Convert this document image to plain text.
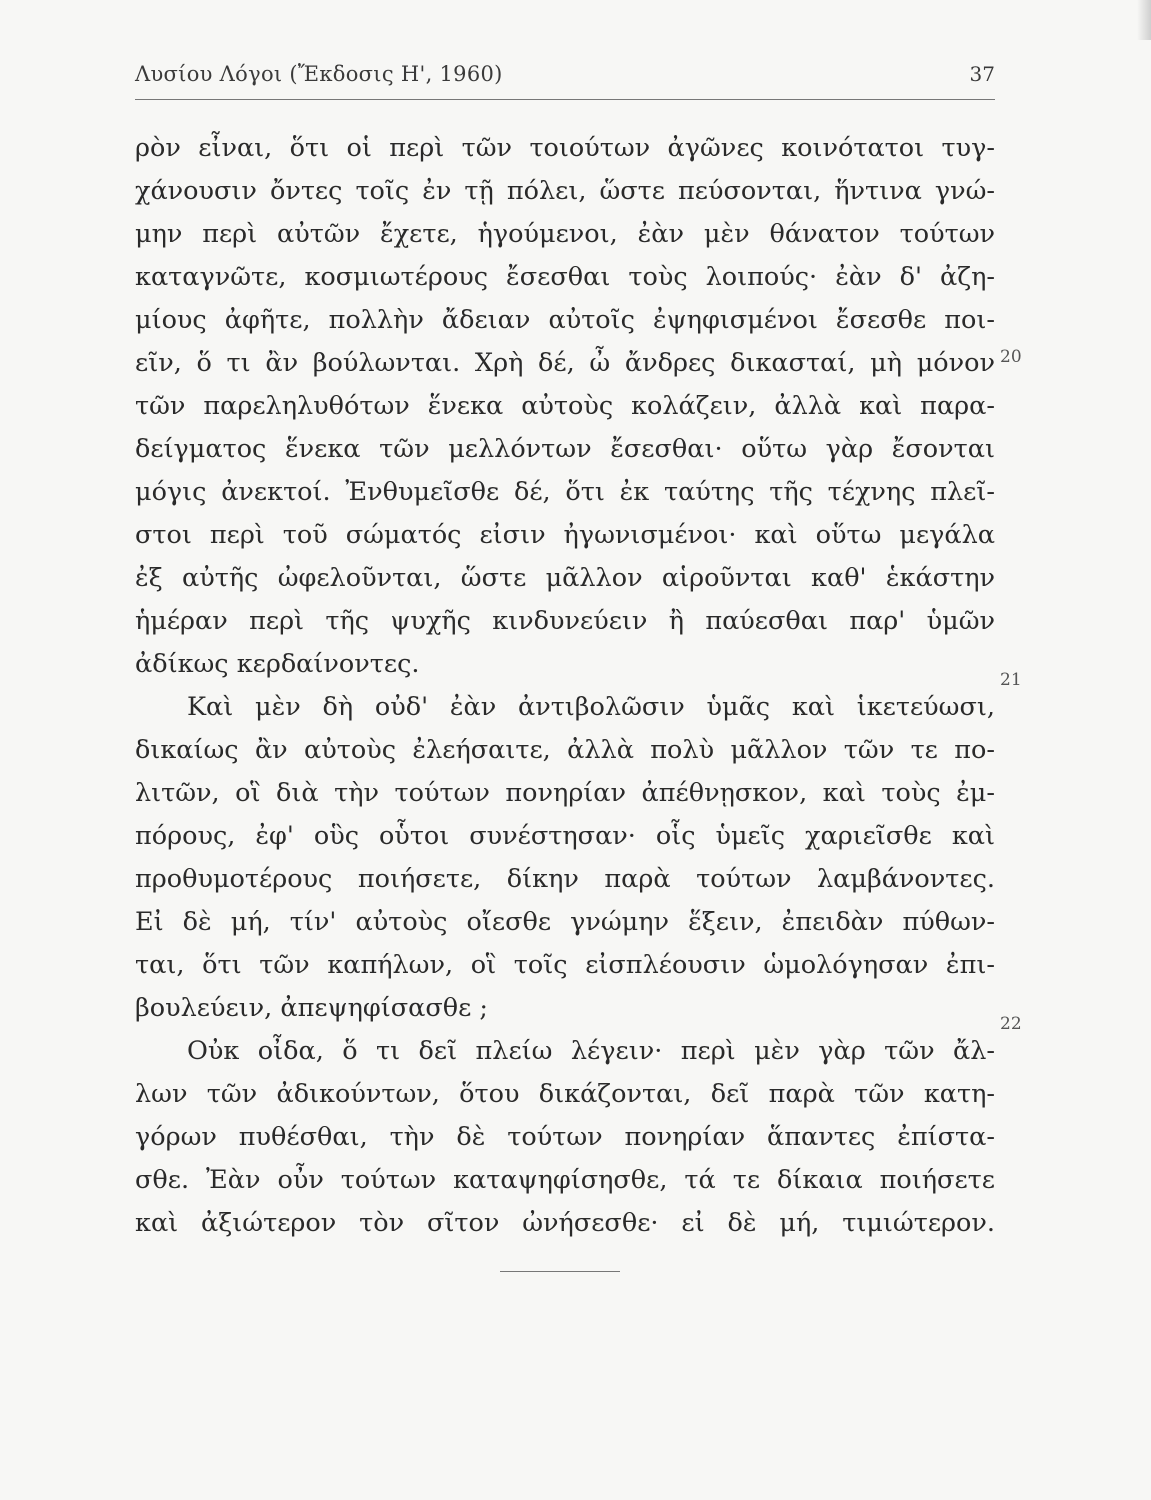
Λυσίου Λόγοι (Ἔκδοσις Η', 1960)	37
ρὸν εἶναι, ὅτι οἱ περὶ τῶν τοιούτων ἀγῶνες κοινότατοι τυγ-
χάνουσιν ὄντες τοῖς ἐν τῇ πόλει, ὥστε πεύσονται, ἥντινα γνώ-
μην περὶ αὐτῶν ἔχετε, ἡγούμενοι, ἐὰν μὲν θάνατον τούτων
καταγνῶτε, κοσμιωτέρους ἔσεσθαι τοὺς λοιπούς· ἐὰν δ' ἀζη-
μίους ἀφῆτε, πολλὴν ἄδειαν αὐτοῖς ἐψηφισμένοι ἔσεσθε ποι-
εῖν, ὅ τι ἂν βούλωνται. Χρὴ δέ, ὦ ἄνδρες δικασταί, μὴ μόνον
τῶν παρεληλυθότων ἕνεκα αὐτοὺς κολάζειν, ἀλλὰ καὶ παρα-
δείγματος ἕνεκα τῶν μελλόντων ἔσεσθαι· οὕτω γὰρ ἔσονται
μόγις ἀνεκτοί. Ἐνθυμεῖσθε δέ, ὅτι ἐκ ταύτης τῆς τέχνης πλεῖ-
στοι περὶ τοῦ σώματός εἰσιν ἠγωνισμένοι· καὶ οὕτω μεγάλα
ἐξ αὐτῆς ὠφελοῦνται, ὥστε μᾶλλον αἱροῦνται καθ' ἑκάστην
ἡμέραν περὶ τῆς ψυχῆς κινδυνεύειν ἢ παύεσθαι παρ' ὑμῶν
ἀδίκως κερδαίνοντες.
Καὶ μὲν δὴ οὐδ' ἐὰν ἀντιβολῶσιν ὑμᾶς καὶ ἱκετεύωσι,
δικαίως ἂν αὐτοὺς ἐλεήσαιτε, ἀλλὰ πολὺ μᾶλλον τῶν τε πο-
λιτῶν, οἳ διὰ τὴν τούτων πονηρίαν ἀπέθνῃσκον, καὶ τοὺς ἐμ-
πόρους, ἐφ' οὓς οὗτοι συνέστησαν· οἷς ὑμεῖς χαριεῖσθε καὶ
προθυμοτέρους ποιήσετε, δίκην παρὰ τούτων λαμβάνοντες.
Εἰ δὲ μή, τίν' αὐτοὺς οἴεσθε γνώμην ἕξειν, ἐπειδὰν πύθων-
ται, ὅτι τῶν καπήλων, οἳ τοῖς εἰσπλέουσιν ὡμολόγησαν ἐπι-
βουλεύειν, ἀπεψηφίσασθε ;
Οὐκ οἶδα, ὅ τι δεῖ πλείω λέγειν· περὶ μὲν γὰρ τῶν ἄλ-
λων τῶν ἀδικούντων, ὅτου δικάζονται, δεῖ παρὰ τῶν κατη-
γόρων πυθέσθαι, τὴν δὲ τούτων πονηρίαν ἅπαντες ἐπίστα-
σθε. Ἐὰν οὖν τούτων καταψηφίσησθε, τά τε δίκαια ποιήσετε
καὶ ἀξιώτερον τὸν σῖτον ὠνήσεσθε· εἰ δὲ μή, τιμιώτερον.
20
21
22
